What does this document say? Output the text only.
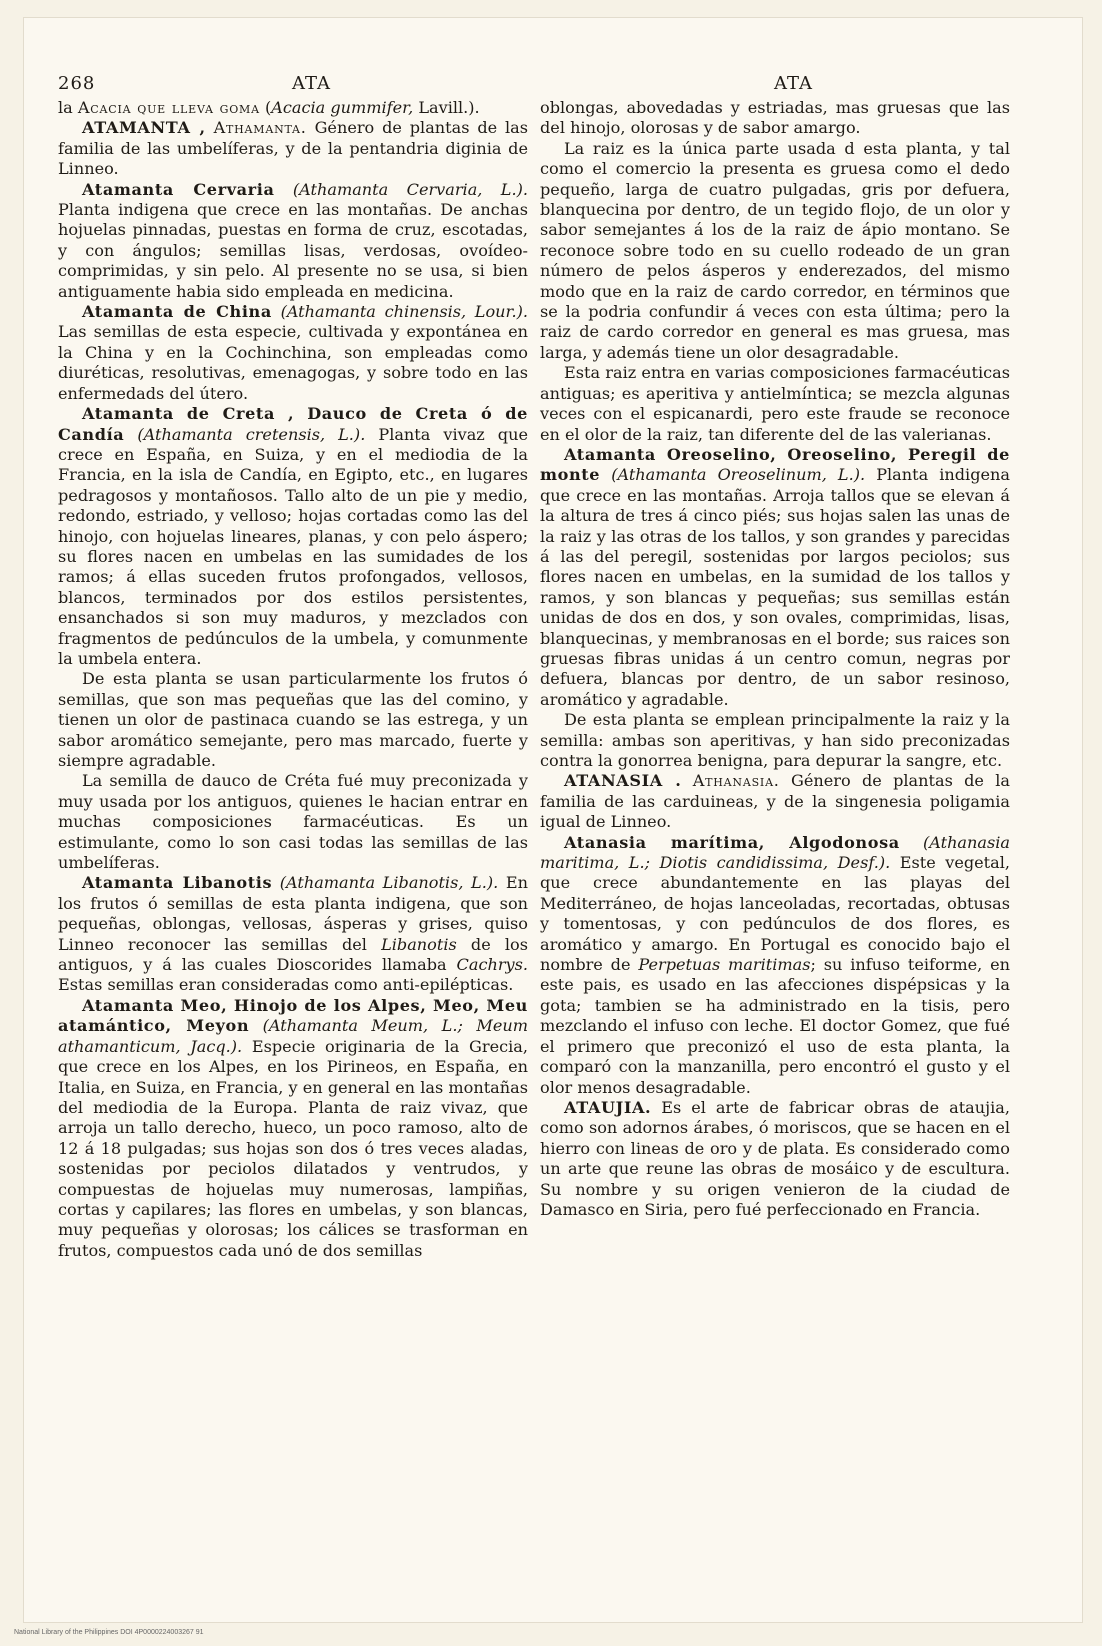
268	ATA	ATA

la Acacia que lleva goma (Acacia gummifer, Lavill.).

ATAMANTA , Athamanta. Género de plantas de las familia de las umbelíferas, y de la pentandria diginia de Linneo.

Atamanta Cervaria (Athamanta Cervaria, L.). Planta indigena que crece en las montañas. De anchas hojuelas pinnadas, puestas en forma de cruz, escotadas, y con ángulos; semillas lisas, verdosas, ovoídeo-comprimidas, y sin pelo. Al presente no se usa, si bien antiguamente habia sido empleada en medicina.

Atamanta de China (Athamanta chinensis, Lour.). Las semillas de esta especie, cultivada y expontánea en la China y en la Cochinchina, son empleadas como diuréticas, resolutivas, emenagogas, y sobre todo en las enfermedads del útero.

Atamanta de Creta , Dauco de Creta ó de Candía (Athamanta cretensis, L.). Planta vivaz que crece en España, en Suiza, y en el mediodia de la Francia, en la isla de Candía, en Egipto, etc., en lugares pedragosos y montañosos. Tallo alto de un pie y medio, redondo, estriado, y velloso; hojas cortadas como las del hinojo, con hojuelas lineares, planas, y con pelo áspero; su flores nacen en umbelas en las sumidades de los ramos; á ellas suceden frutos profongados, vellosos, blancos, terminados por dos estilos persistentes, ensanchados si son muy maduros, y mezclados con fragmentos de pedúnculos de la umbela, y comunmente la umbela entera.

De esta planta se usan particularmente los frutos ó semillas, que son mas pequeñas que las del comino, y tienen un olor de pastinaca cuando se las estrega, y un sabor aromático semejante, pero mas marcado, fuerte y siempre agradable.

La semilla de dauco de Créta fué muy preconizada y muy usada por los antiguos, quienes le hacian entrar en muchas composiciones farmacéuticas. Es un estimulante, como lo son casi todas las semillas de las umbelíferas.

Atamanta Libanotis (Athamanta Libanotis, L.). En los frutos ó semillas de esta planta indigena, que son pequeñas, oblongas, vellosas, ásperas y grises, quiso Linneo reconocer las semillas del Libanotis de los antiguos, y á las cuales Dioscorides llamaba Cachrys. Estas semillas eran consideradas como anti-epilépticas.

Atamanta Meo, Hinojo de los Alpes, Meo, Meu atamántico, Meyon (Athamanta Meum, L.; Meum athamanticum, Jacq.). Especie originaria de la Grecia, que crece en los Alpes, en los Pirineos, en España, en Italia, en Suiza, en Francia, y en general en las montañas del mediodia de la Europa. Planta de raiz vivaz, que arroja un tallo derecho, hueco, un poco ramoso, alto de 12 á 18 pulgadas; sus hojas son dos ó tres veces aladas, sostenidas por peciolos dilatados y ventrudos, y compuestas de hojuelas muy numerosas, lampiñas, cortas y capilares; las flores en umbelas, y son blancas, muy pequeñas y olorosas; los cálices se trasforman en frutos, compuestos cada unó de dos semillas

oblongas, abovedadas y estriadas, mas gruesas que las del hinojo, olorosas y de sabor amargo.

La raiz es la única parte usada d esta planta, y tal como el comercio la presenta es gruesa como el dedo pequeño, larga de cuatro pulgadas, gris por defuera, blanquecina por dentro, de un tegido flojo, de un olor y sabor semejantes á los de la raiz de ápio montano. Se reconoce sobre todo en su cuello rodeado de un gran número de pelos ásperos y enderezados, del mismo modo que en la raiz de cardo corredor, en términos que se la podria confundir á veces con esta última; pero la raiz de cardo corredor en general es mas gruesa, mas larga, y además tiene un olor desagradable.

Esta raiz entra en varias composiciones farmacéuticas antiguas; es aperitiva y antielmíntica; se mezcla algunas veces con el espicanardi, pero este fraude se reconoce en el olor de la raiz, tan diferente del de las valerianas.

Atamanta Oreoselino, Oreoselino, Peregil de monte (Athamanta Oreoselinum, L.). Planta indigena que crece en las montañas. Arroja tallos que se elevan á la altura de tres á cinco piés; sus hojas salen las unas de la raiz y las otras de los tallos, y son grandes y parecidas á las del peregil, sostenidas por largos peciolos; sus flores nacen en umbelas, en la sumidad de los tallos y ramos, y son blancas y pequeñas; sus semillas están unidas de dos en dos, y son ovales, comprimidas, lisas, blanquecinas, y membranosas en el borde; sus raices son gruesas fibras unidas á un centro comun, negras por defuera, blancas por dentro, de un sabor resinoso, aromático y agradable.

De esta planta se emplean principalmente la raiz y la semilla: ambas son aperitivas, y han sido preconizadas contra la gonorrea benigna, para depurar la sangre, etc.

ATANASIA . Athanasia. Género de plantas de la familia de las carduineas, y de la singenesia poligamia igual de Linneo.

Atanasia marítima, Algodonosa (Athanasia maritima, L.; Diotis candidissima, Desf.). Este vegetal, que crece abundantemente en las playas del Mediterráneo, de hojas lanceoladas, recortadas, obtusas y tomentosas, y con pedúnculos de dos flores, es aromático y amargo. En Portugal es conocido bajo el nombre de Perpetuas maritimas; su infuso teiforme, en este pais, es usado en las afecciones dispépsicas y la gota; tambien se ha administrado en la tisis, pero mezclando el infuso con leche. El doctor Gomez, que fué el primero que preconizó el uso de esta planta, la comparó con la manzanilla, pero encontró el gusto y el olor menos desagradable.

ATAUJIA. Es el arte de fabricar obras de ataujia, como son adornos árabes, ó moriscos, que se hacen en el hierro con lineas de oro y de plata. Es considerado como un arte que reune las obras de mosáico y de escultura. Su nombre y su origen venieron de la ciudad de Damasco en Siria, pero fué perfeccionado en Francia.

National Library of the Philippines DOI 4P0000224003267 91
